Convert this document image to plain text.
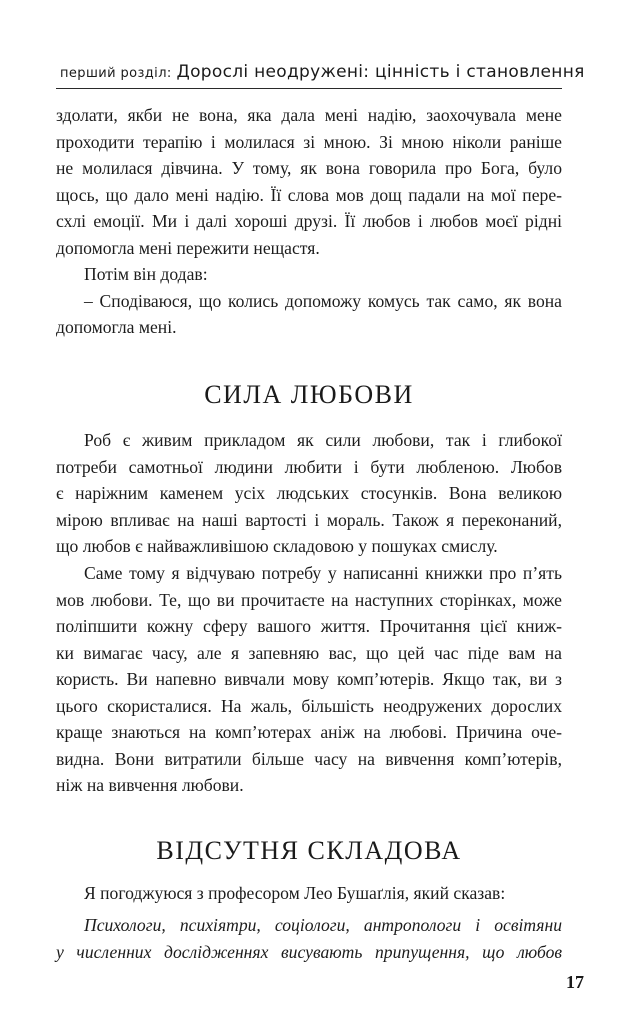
перший розділ: Дорослі неодружені: цінність і становлення
здолати, якби не вона, яка дала мені надію, заохочувала мене
проходити терапію і молилася зі мною. Зі мною ніколи раніше
не молилася дівчина. У тому, як вона говорила про Бога, було
щось, що дало мені надію. Її слова мов дощ падали на мої пере-
схлі емоції. Ми і далі хороші друзі. Її любов і любов моєї рідні
допомогла мені пережити нещастя.
Потім він додав:
– Сподіваюся, що колись допоможу комусь так само, як вона
допомогла мені.
СИЛА ЛЮБОВИ
Роб є живим прикладом як сили любови, так і глибокої
потреби самотньої людини любити і бути любленою. Любов
є наріжним каменем усіх людських стосунків. Вона великою
мірою впливає на наші вартості і мораль. Також я переконаний,
що любов є найважливішою складовою у пошуках смислу.
Саме тому я відчуваю потребу у написанні книжки про п’ять
мов любови. Те, що ви прочитаєте на наступних сторінках, може
поліпшити кожну сферу вашого життя. Прочитання цієї книж-
ки вимагає часу, але я запевняю вас, що цей час піде вам на
користь. Ви напевно вивчали мову комп’ютерів. Якщо так, ви з
цього скористалися. На жаль, більшість неодружених дорослих
краще знаються на комп’ютерах аніж на любові. Причина оче-
видна. Вони витратили більше часу на вивчення комп’ютерів,
ніж на вивчення любови.
ВІДСУТНЯ СКЛАДОВА
Я погоджуюся з професором Лео Бушаґлія, який сказав:
Психологи, психіятри, соціологи, антропологи і освітяни
у численних дослідженнях висувають припущення, що любов
17
